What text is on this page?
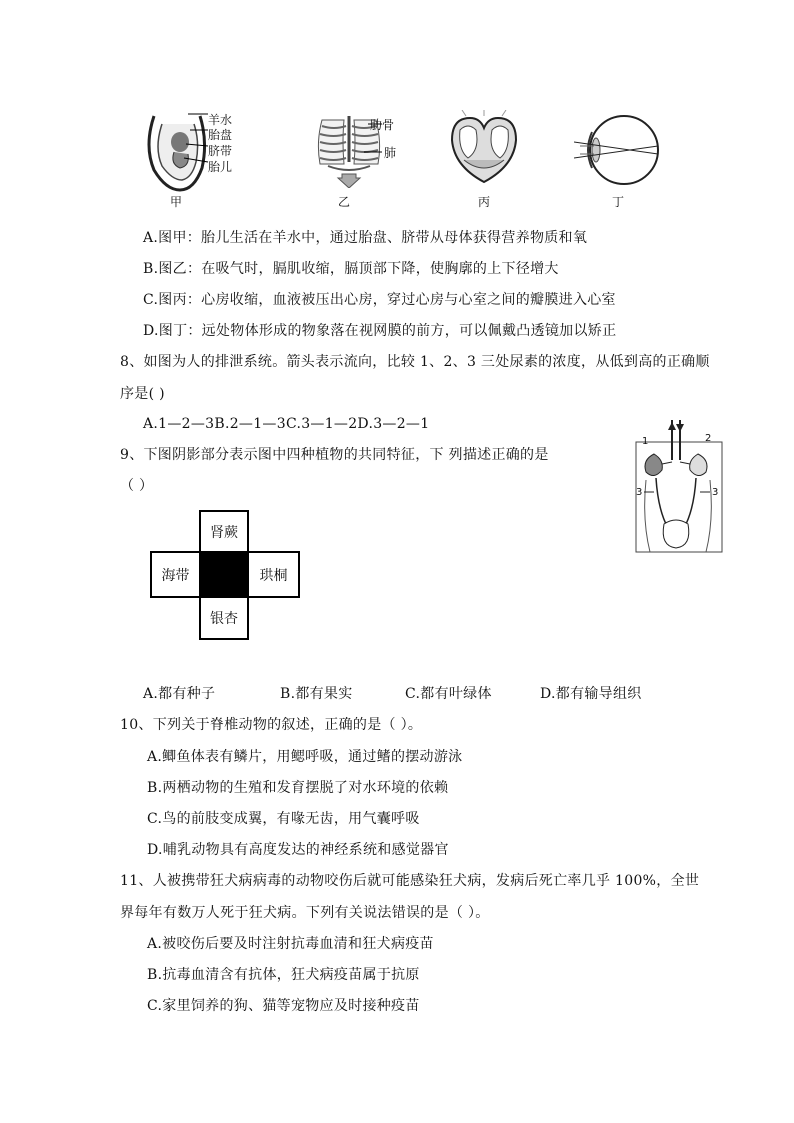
羊水
胎盘
脐带
胎儿
甲
肋骨
肺
乙	丙	丁
A.图甲：胎儿生活在羊水中，通过胎盘、脐带从母体获得营养物质和氧
B.图乙：在吸气时，膈肌收缩，膈顶部下降，使胸廓的上下径增大
C.图丙：心房收缩，血液被压出心房，穿过心房与心室之间的瓣膜进入心室
D.图丁：远处物体形成的物象落在视网膜的前方，可以佩戴凸透镜加以矫正
8、如图为人的排泄系统。箭头表示流向，比较 1、2、3 三处尿素的浓度，从低到高的正确顺
序是( )
A.1—2—3B.2—1—3C.3—1—2D.3—2—1
1	2
3	3
9、下图阴影部分表示图中四种植物的共同特征，下 列描述正确的是
（ ）
肾蕨
海带	珙桐
银杏
A.都有种子	B.都有果实	C.都有叶绿体	D.都有输导组织
10、下列关于脊椎动物的叙述，正确的是（ ）。
A.鲫鱼体表有鳞片，用鳃呼吸，通过鳍的摆动游泳
B.两栖动物的生殖和发育摆脱了对水环境的依赖
C.鸟的前肢变成翼，有喙无齿，用气囊呼吸
D.哺乳动物具有高度发达的神经系统和感觉器官
11、人被携带狂犬病病毒的动物咬伤后就可能感染狂犬病，发病后死亡率几乎 100%，全世
界每年有数万人死于狂犬病。下列有关说法错误的是（ ）。
A.被咬伤后要及时注射抗毒血清和狂犬病疫苗
B.抗毒血清含有抗体，狂犬病疫苗属于抗原
C.家里饲养的狗、猫等宠物应及时接种疫苗
